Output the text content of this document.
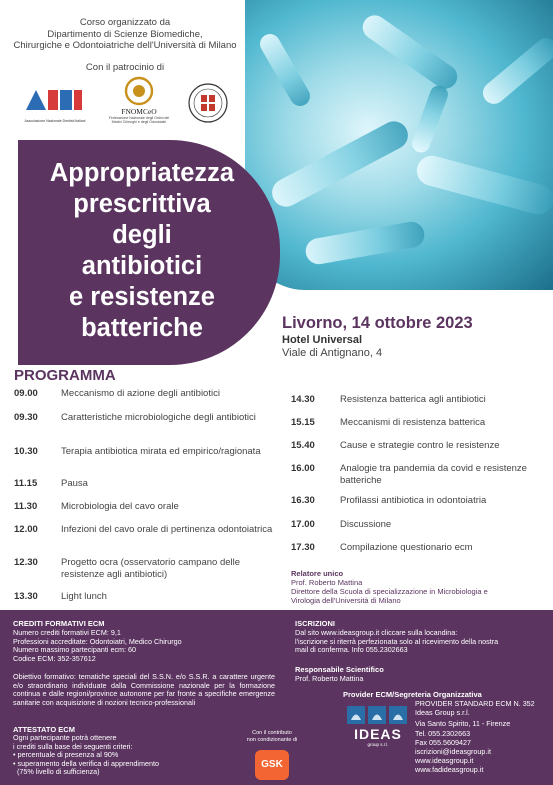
Corso organizzato da
Dipartimento di Scienze Biomediche,
Chirurgiche e Odontoiatriche dell'Università di Milano
Con il patrocinio di
Associazione Nazionale Dentisti Italiani
FNOMCeO
Federazione Nazionale degli Ordini dei Medici Chirurghi e degli Odontoiatri
Appropriatezza
prescrittiva
degli
antibiotici
e resistenze
batteriche	Livorno, 14 ottobre 2023
Hotel Universal
Viale di Antignano, 4
PROGRAMMA
09.00 Meccanismo di azione degli antibiotici
09.30 Caratteristiche microbiologiche degli antibiotici
10.30 Terapia antibiotica mirata ed empirico/ragionata
11.15	Pausa
11.30	Microbiologia del cavo orale
12.00 Infezioni del cavo orale di pertinenza odontoiatrica
12.30 Progetto ocra (osservatorio campano delle resistenze agli antibiotici)
13.30 Light lunch
14.30	Resistenza batterica agli antibiotici
15.15	Meccanismi di resistenza batterica
15.40	Cause e strategie contro le resistenze
16.00	Analogie tra pandemia da covid e resistenze batteriche
16.30	Profilassi antibiotica in odontoiatria
17.00	Discussione
17.30	Compilazione questionario ecm
Relatore unico
Prof. Roberto Mattina
Direttore della Scuola di specializzazione in Microbiologia e
Virologia dell'Università di Milano
CREDITI FORMATIVI ECM
Numero crediti formativi ECM: 9,1
Professioni accreditate: Odontoiatri, Medico Chirurgo
Numero massimo partecipanti ecm: 60
Codice ECM: 352-357612
Obiettivo formativo: tematiche speciali del S.S.N. e/o S.S.R. a carattere urgente e/o straordinario individuate dalla Commissione nazionale per la formazione continua e dalle regioni/province autonome per far fronte a specifiche emergenze sanitarie con acquisizione di nozioni tecnico-professionali
ATTESTATO ECM
Ogni partecipante potrà ottenere
i crediti sulla base dei seguenti criteri:
• percentuale di presenza al 90%
• superamento della verifica di apprendimento
(75% livello di sufficienza)
Con il contributo
non condizionante di
GSK
ISCRIZIONI
Dal sito www.ideasgroup.it cliccare sulla locandina:
l'iscrizione si riterrà perfezionata solo al ricevimento della nostra
mail di conferma. Info 055.2302663
Responsabile Scientifico
Prof. Roberto Mattina
Provider ECM/Segreteria Organizzativa
IDEAS
group s.r.l.
PROVIDER STANDARD ECM N. 352
Ideas Group s.r.l.
Via Santo Spirito, 11 - Firenze
Tel. 055.2302663
Fax 055.5609427
iscrizioni@ideasgroup.it
www.ideasgroup.it
www.fadideasgroup.it
